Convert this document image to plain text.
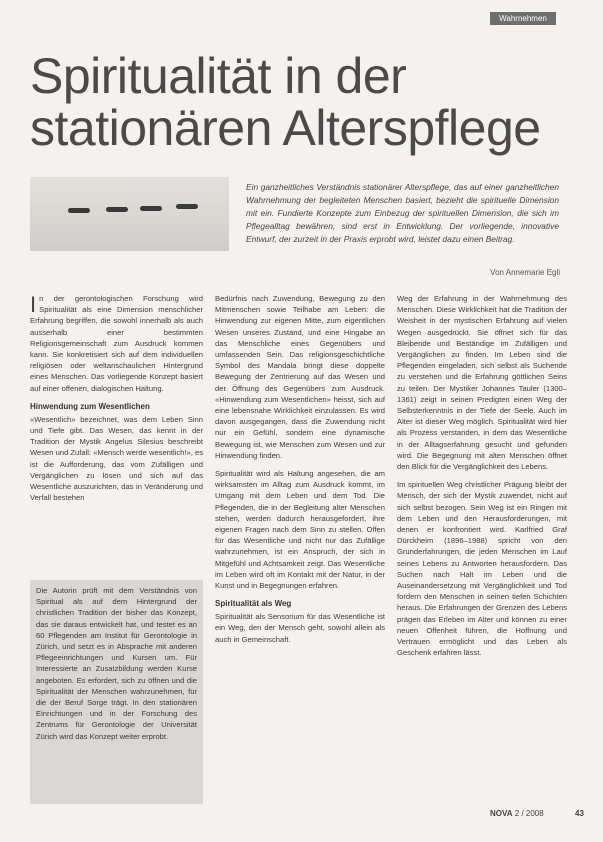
Wahrnehmen
Spiritualität in der stationären Alterspflege
Ein ganzheitliches Verständnis stationärer Alterspflege, das auf einer ganzheitlichen Wahrnehmung der begleiteten Menschen basiert, bezieht die spirituelle Dimension mit ein. Fundierte Konzepte zum Einbezug der spirituellen Dimension, die sich im Pflegealltag bewähren, sind erst in Entwicklung. Der vorliegende, innovative Entwurf, der zurzeit in der Praxis erprobt wird, leistet dazu einen Beitrag.
Von Annemarie Egli

In der gerontologischen Forschung wird Spiritualität als eine Dimension menschlicher Erfahrung begriffen, die sowohl innerhalb als auch ausserhalb einer bestimmten Religionsgemeinschaft zum Ausdruck kommen kann. Sie konkretisiert sich auf dem individuellen religiösen oder weltanschaulichen Hintergrund eines Menschen. Das vorliegende Konzept basiert auf einer offenen, dialogischen Haltung.

Hinwendung zum Wesentlichen

«Wesentlich» bezeichnet, was dem Leben Sinn und Tiefe gibt. Das Wesen, das kennt in der Tradition der Mystik Angelus Silesius beschreibt Wesen und Zufall: «Mensch werde wesentlich!», es ist die Aufforderung, das vom Zufälligen und Vergänglichen zu lösen und sich auf das Wesentliche auszurichten, das in Veränderung und Verfall bestehen

Die Autorin prüft mit dem Verständnis von Spiritual als auf dem Hintergrund der christlichen Tradition der bisher das Konzept, das sie daraus entwickelt hat, und testet es an 60 Pflegenden am Institut für Gerontologie in Zürich, und setzt es in Absprache mit anderen Pflegeeinrichtungen und Kursen um. Für Interessierte an Zusatzbildung werden Kurse angeboten. Es erfordert, sich zu öffnen und die Spiritualität der Menschen wahrzunehmen, für die der Beruf Sorge trägt. In den stationären Einrichtungen und in der Forschung des Zentrums für Gerontologie der Universität Zürich wird das Konzept weiter erprobt.

Bedürfnis nach Zuwendung, Bewegung zu den Mitmenschen sowie Teilhabe am Leben: die Hinwendung zur eigenen Mitte, zum eigentlichen Wesen unseres Zustand, und eine Hingabe an das Menschliche eines Gegenübers und umfassenden Sein. Das religionsgeschichtliche Symbol des Mandala bringt diese doppelte Bewegung der Zentrierung auf das Wesen und der Öffnung des Gegenübers zum Ausdruck. «Hinwendung zum Wesentlichen» heisst, sich auf eine lebensnahe Wirklichkeit einzulassen. Es wird davon ausgegangen, dass die Zuwendung nicht nur ein Gefühl, sondern eine dynamische Bewegung ist, wie Menschen zum Wesen und zur Hinwendung finden.

Spiritualität wird als Haltung angesehen, die am wirksamsten im Alltag zum Ausdruck kommt, im Umgang mit dem Leben und dem Tod. Die Pflegenden, die in der Begleitung alter Menschen stehen, werden dadurch herausgefordert, ihre eigenen Fragen nach dem Sinn zu stellen. Offen für das Wesentliche und nicht nur das Zufällige wahrzunehmen, ist ein Anspruch, der sich in Mitgefühl und Achtsamkeit zeigt. Das Wesentliche im Leben wird oft im Kontakt mit der Natur, in der Kunst und in Begegnungen erfahren.

Spiritualität als Weg

Spiritualität als Sensorium für das Wesentliche ist ein Weg, den der Mensch geht, sowohl allein als auch in Gemeinschaft.

Weg der Erfahrung in der Wahrnehmung des Menschen. Diese Wirklichkeit hat die Tradition der Weisheit in der mystischen Erfahrung auf vielen Wegen ausgedrückt. Sie öffnet sich für das Bleibende und Beständige im Zufälligen und Vergänglichen zu finden. Im Leben sind die Pflegenden eingeladen, sich selbst als Suchende zu verstehen und die Erfahrung göttlichen Seins zu teilen. Der Mystiker Johannes Tauler (1300–1361) zeigt in seinen Predigten einen Weg der Selbsterkenntnis in der Tiefe der Seele. Auch im Alter ist dieser Weg möglich. Spiritualität wird hier als Prozess verstanden, in dem das Wesentliche in der Alltagserfahrung gesucht und gefunden wird. Die Begegnung mit alten Menschen öffnet den Blick für die Vergänglichkeit des Lebens.

Im spirituellen Weg christlicher Prägung bleibt der Mensch, der sich der Mystik zuwendet, nicht auf sich selbst bezogen. Sein Weg ist ein Ringen mit dem Leben und den Herausforderungen, mit denen er konfrontiert wird. Karlfried Graf Dürckheim (1896–1988) spricht von den Grunderfahrungen, die jeden Menschen im Lauf seines Lebens zu Antworten herausfordern. Das Suchen nach Halt im Leben und die Auseinandersetzung mit Vergänglichkeit und Tod fordern den Menschen in seinen tiefen Schichten heraus. Die Erfahrungen der Grenzen des Lebens prägen das Erleben im Alter und können zu einer neuen Offenheit führen, die Hoffnung und Vertrauen ermöglicht und das Leben als Geschenk erfahren lässt.

NOVA 2 / 2008	43
